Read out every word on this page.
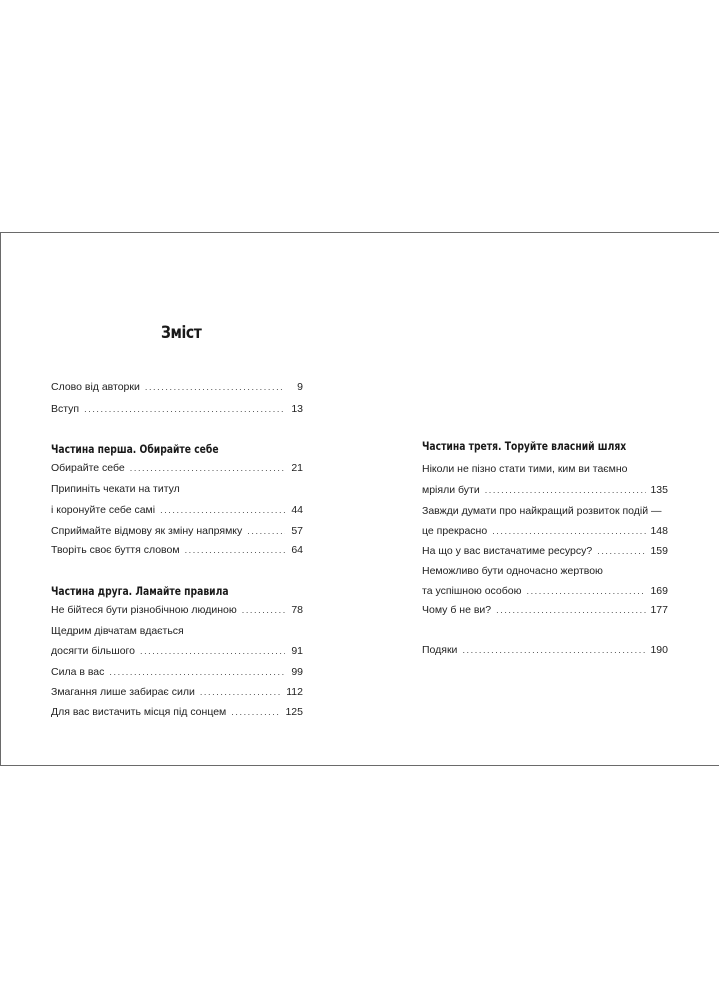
Зміст
Слово від авторки .....	9
Вступ .....	13
Частина перша. Обирайте себе
Обирайте себе .....	21
Припиніть чекати на титул
і коронуйте себе самі .....	44
Сприймайте відмову як зміну напрямку .....	57
Творіть своє буття словом .....	64
Частина друга. Ламайте правила
Не бійтеся бути різнобічною людиною .....	78
Щедрим дівчатам вдається
досягти більшого .....	91
Сила в вас .....	99
Змагання лише забирає сили .....	112
Для вас вистачить місця під сонцем .....	125
Частина третя. Торуйте власний шлях
Ніколи не пізно стати тими, ким ви таємно
мріяли бути .....	135
Завжди думати про найкращий розвиток подій —
це прекрасно .....	148
На що у вас вистачатиме ресурсу? .....	159
Неможливо бути одночасно жертвою
та успішною особою .....	169
Чому б не ви? .....	177
Подяки .....	190
